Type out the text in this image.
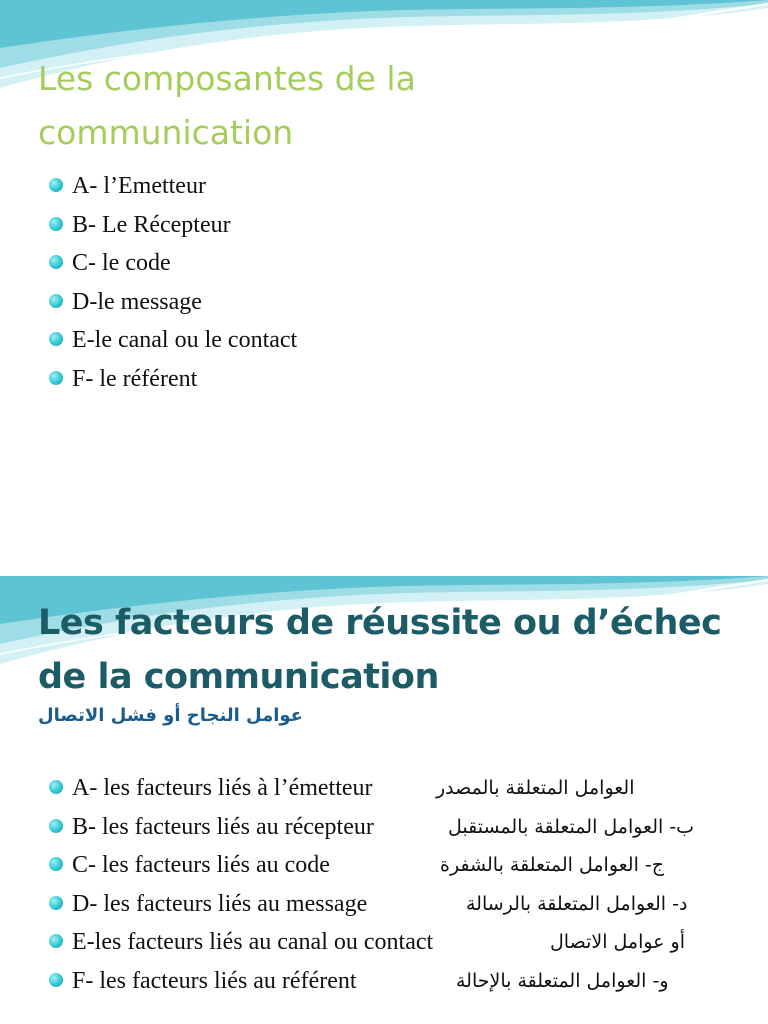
Les composantes de la
communication
A- l’Emetteur
B- Le Récepteur
C- le code
D-le message
E-le canal ou le contact
F- le référent
Les facteurs de réussite ou d’échec
de la communication

عوامل النجاح أو فشل الاتصال

A- les facteurs liés à l’émetteur	العوامل المتعلقة بالمصدر
B- les facteurs liés au récepteur	ب- العوامل المتعلقة بالمستقبل
C- les facteurs liés au code	ج- العوامل المتعلقة بالشفرة
D- les facteurs liés au message	د- العوامل المتعلقة بالرسالة
E-les facteurs liés au canal ou contact	أو عوامل الاتصال
F- les facteurs liés au référent	و- العوامل المتعلقة بالإحالة
